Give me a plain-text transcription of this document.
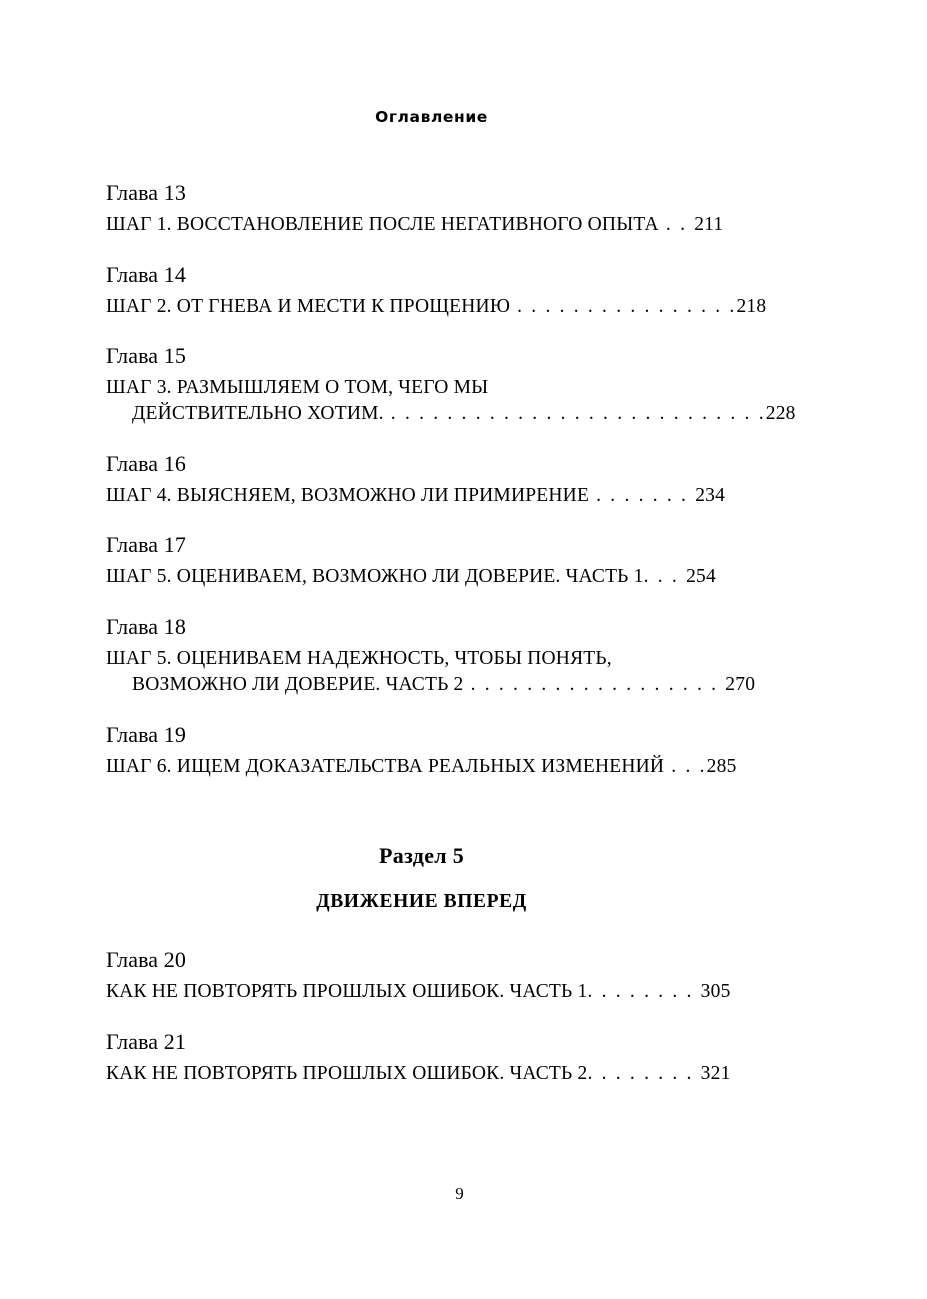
Оглавление
Глава 13
ШАГ 1. ВОССТАНОВЛЕНИЕ ПОСЛЕ НЕГАТИВНОГО ОПЫТА . . 211
Глава 14
ШАГ 2. ОТ ГНЕВА И МЕСТИ К ПРОЩЕНИЮ . . . . . . . . . . . . . . . .218
Глава 15
ШАГ 3. РАЗМЫШЛЯЕМ О ТОМ, ЧЕГО МЫ
ДЕЙСТВИТЕЛЬНО ХОТИМ. . . . . . . . . . . . . . . . . . . . . . . . . . . .228
Глава 16
ШАГ 4. ВЫЯСНЯЕМ, ВОЗМОЖНО ЛИ ПРИМИРЕНИЕ . . . . . . . 234
Глава 17
ШАГ 5. ОЦЕНИВАЕМ, ВОЗМОЖНО ЛИ ДОВЕРИЕ. ЧАСТЬ 1. . . 254
Глава 18
ШАГ 5. ОЦЕНИВАЕМ НАДЕЖНОСТЬ, ЧТОБЫ ПОНЯТЬ,
ВОЗМОЖНО ЛИ ДОВЕРИЕ. ЧАСТЬ 2 . . . . . . . . . . . . . . . . . . 270
Глава 19
ШАГ 6. ИЩЕМ ДОКАЗАТЕЛЬСТВА РЕАЛЬНЫХ ИЗМЕНЕНИЙ . . .285
Раздел 5
ДВИЖЕНИЕ ВПЕРЕД
Глава 20
КАК НЕ ПОВТОРЯТЬ ПРОШЛЫХ ОШИБОК. ЧАСТЬ 1. . . . . . . . 305
Глава 21
КАК НЕ ПОВТОРЯТЬ ПРОШЛЫХ ОШИБОК. ЧАСТЬ 2. . . . . . . . 321
9
